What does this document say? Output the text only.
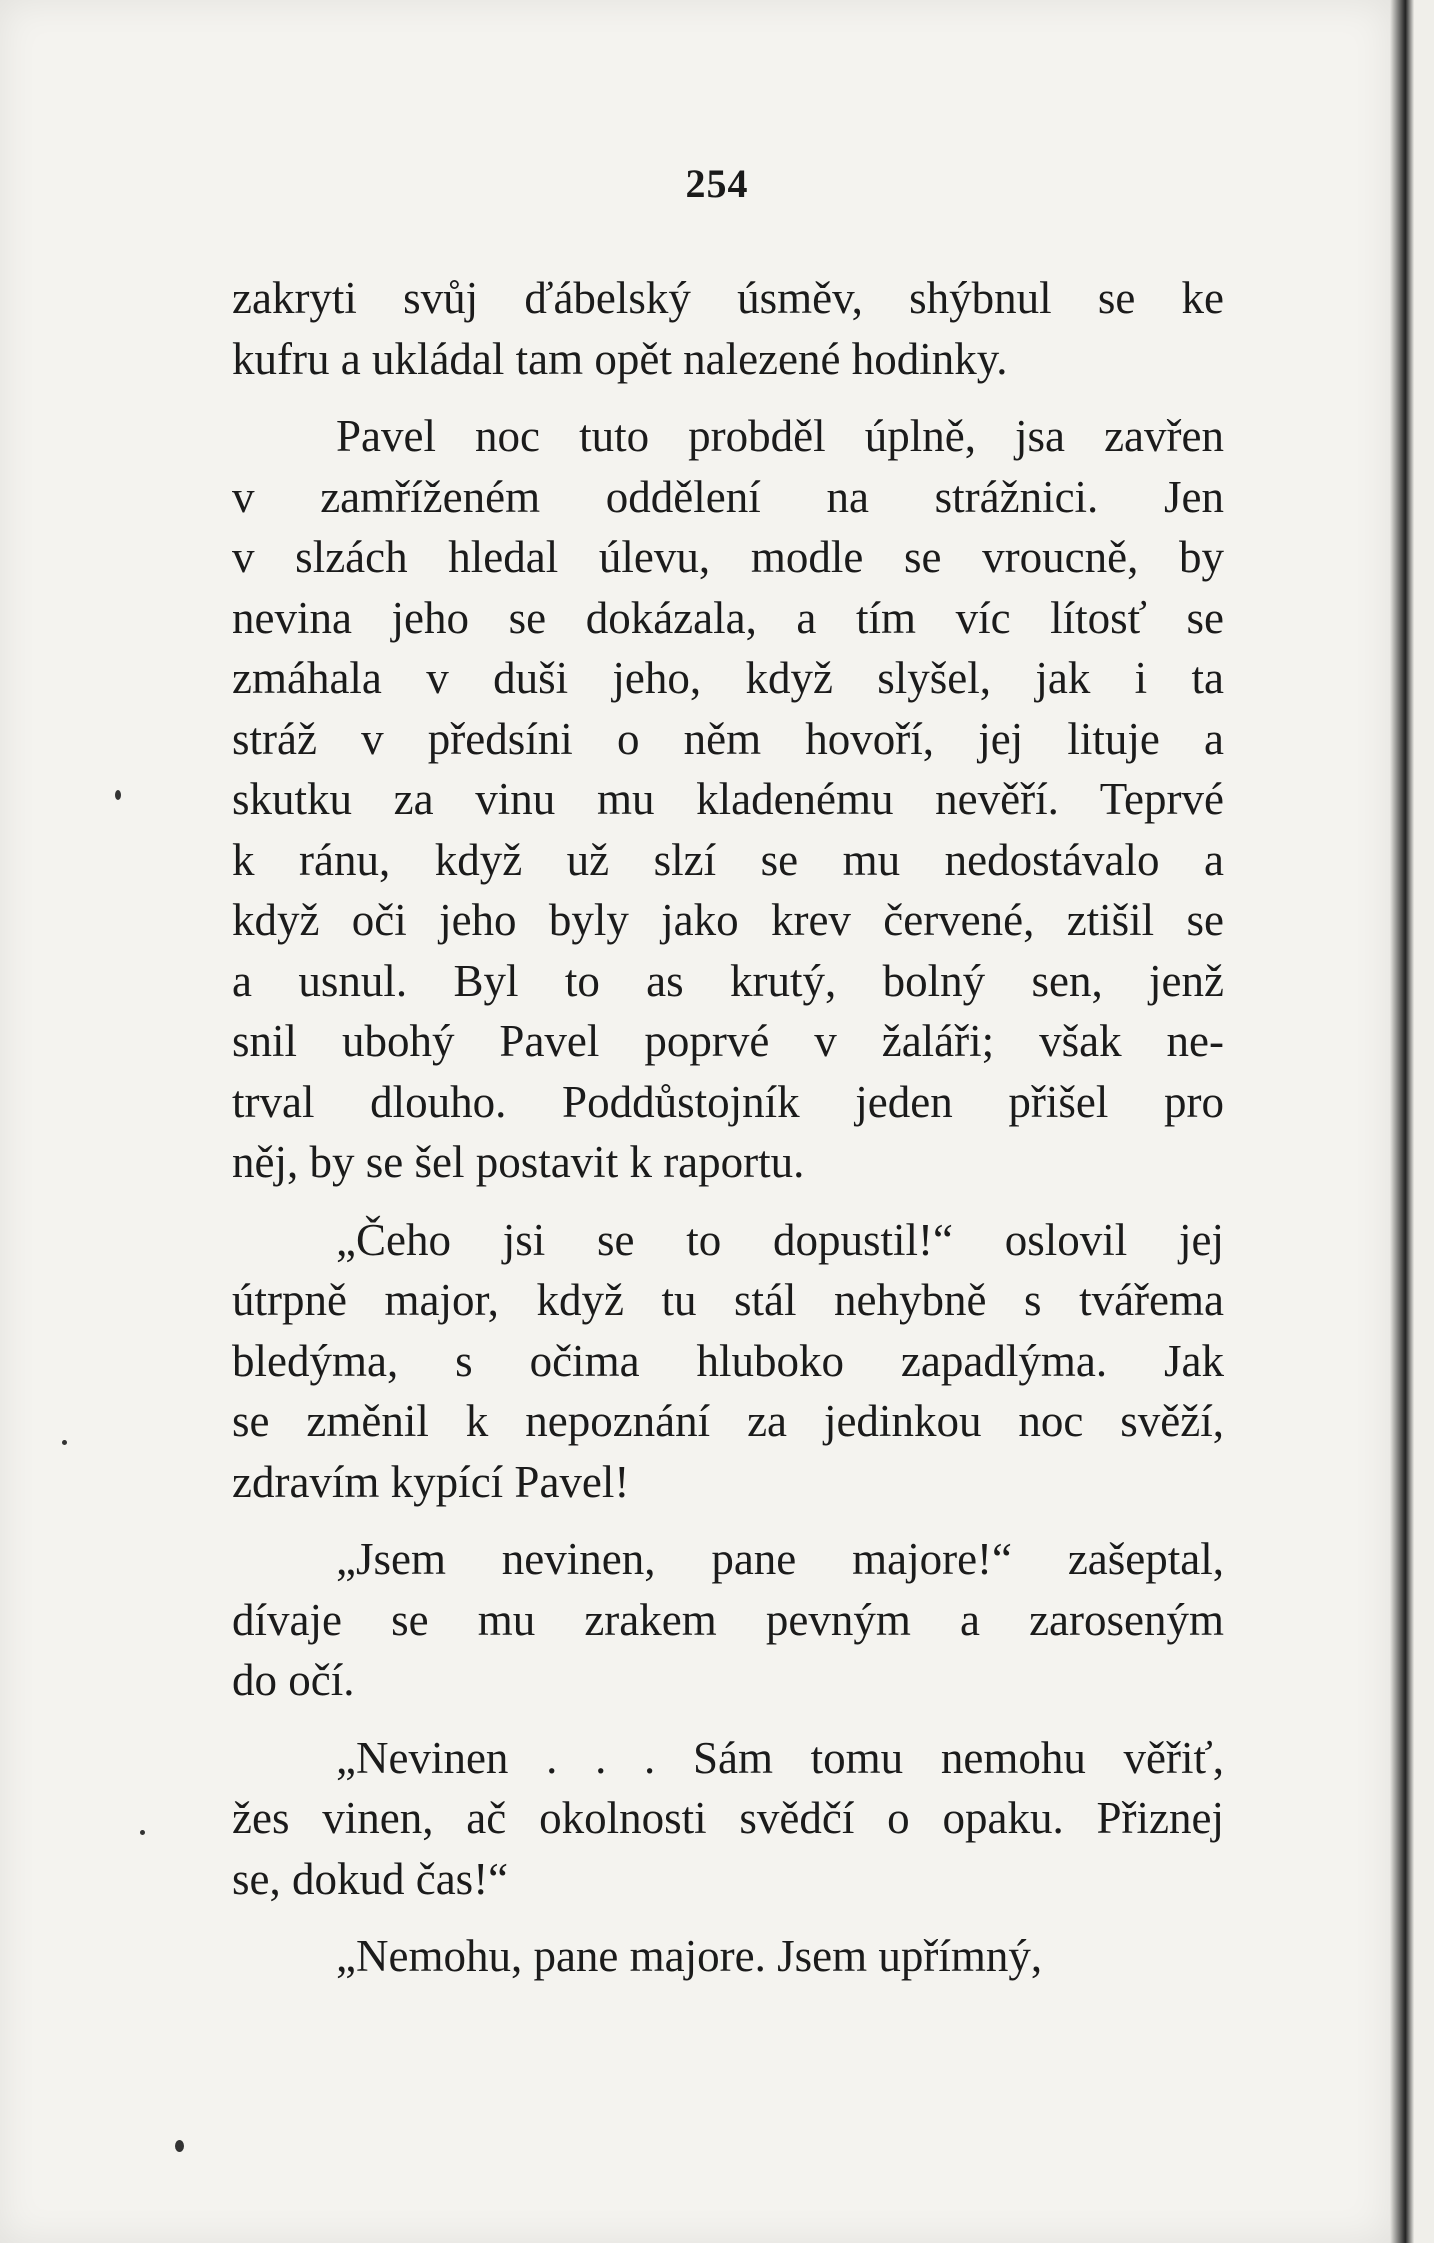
254
zakryti svůj ďábelský úsměv, shýbnul se ke
kufru a ukládal tam opět nalezené hodinky.
Pavel noc tuto probděl úplně, jsa zavřen
v zamříženém oddělení na strážnici. Jen
v slzách hledal úlevu, modle se vroucně, by
nevina jeho se dokázala, a tím víc lítosť se
zmáhala v duši jeho, když slyšel, jak i ta
stráž v předsíni o něm hovoří, jej lituje a
skutku za vinu mu kladenému nevěří. Teprvé
k ránu, když už slzí se mu nedostávalo a
když oči jeho byly jako krev červené, ztišil se
a usnul. Byl to as krutý, bolný sen, jenž
snil ubohý Pavel poprvé v žaláři; však ne-
trval dlouho. Poddůstojník jeden přišel pro
něj, by se šel postavit k raportu.
„Čeho jsi se to dopustil!“ oslovil jej
útrpně major, když tu stál nehybně s tvářema
bledýma, s očima hluboko zapadlýma. Jak
se změnil k nepoznání za jedinkou noc svěží,
zdravím kypící Pavel!
„Jsem nevinen, pane majore!“ zašeptal,
dívaje se mu zrakem pevným a zaroseným
do očí.
„Nevinen . . . Sám tomu nemohu věřiť,
žes vinen, ač okolnosti svědčí o opaku. Přiznej
se, dokud čas!“
„Nemohu, pane majore. Jsem upřímný,
